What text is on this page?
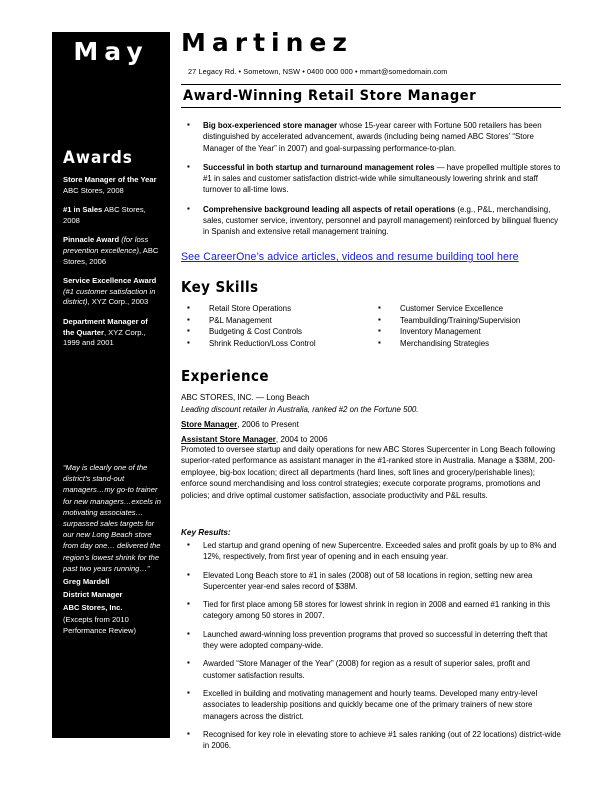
May
Awards
Store Manager of the Year ABC Stores, 2008
#1 in Sales ABC Stores, 2008
Pinnacle Award (for loss prevention excellence), ABC Stores, 2006
Service Excellence Award (#1 customer satisfaction in district), XYZ Corp., 2003
Department Manager of the Quarter, XYZ Corp., 1999 and 2001
“May is clearly one of the district’s stand-out managers…my go-to trainer for new managers…excels in motivating associates… surpassed sales targets for our new Long Beach store from day one… delivered the region’s lowest shrink for the past two years running…”
Greg Mardell
District Manager
ABC Stores, Inc.
(Excepts from 2010 Performance Review)
Martinez
27 Legacy Rd. • Sometown, NSW • 0400 000 000 • mmart@somedomain.com
Award-Winning Retail Store Manager
▪ Big box-experienced store manager whose 15-year career with Fortune 500 retailers has been distinguished by accelerated advancement, awards (including being named ABC Stores’ “Store Manager of the Year” in 2007) and goal-surpassing performance-to-plan.
▪ Successful in both startup and turnaround management roles — have propelled multiple stores to #1 in sales and customer satisfaction district-wide while simultaneously lowering shrink and staff turnover to all-time lows.
▪ Comprehensive background leading all aspects of retail operations (e.g., P&L, merchandising, sales, customer service, inventory, personnel and payroll management) reinforced by bilingual fluency in Spanish and extensive retail management training.
See CareerOne’s advice articles, videos and resume building tool here
Key Skills
▪ Retail Store Operations
▪ P&L Management
▪ Budgeting & Cost Controls
▪ Shrink Reduction/Loss Control
▪ Customer Service Excellence
▪ Teambuilding/Training/Supervision
▪ Inventory Management
▪ Merchandising Strategies
Experience
ABC STORES, INC. — Long Beach
Leading discount retailer in Australia, ranked #2 on the Fortune 500.
Store Manager, 2006 to Present
Assistant Store Manager, 2004 to 2006
Promoted to oversee startup and daily operations for new ABC Stores Supercenter in Long Beach following superior-rated performance as assistant manager in the #1-ranked store in Australia. Manage a $38M, 200-employee, big-box location; direct all departments (hard lines, soft lines and grocery/perishable lines); enforce sound merchandising and loss control strategies; execute corporate programs, promotions and policies; and drive optimal customer satisfaction, associate productivity and P&L results.
Key Results:
▪ Led startup and grand opening of new Supercentre. Exceeded sales and profit goals by up to 8% and 12%, respectively, from first year of opening and in each ensuing year.
▪ Elevated Long Beach store to #1 in sales (2008) out of 58 locations in region, setting new area Supercenter year-end sales record of $38M.
▪ Tied for first place among 58 stores for lowest shrink in region in 2008 and earned #1 ranking in this category among 50 stores in 2007.
▪ Launched award-winning loss prevention programs that proved so successful in deterring theft that they were adopted company-wide.
▪ Awarded “Store Manager of the Year” (2008) for region as a result of superior sales, profit and customer satisfaction results.
▪ Excelled in building and motivating management and hourly teams. Developed many entry-level associates to leadership positions and quickly became one of the primary trainers of new store managers across the district.
▪ Recognised for key role in elevating store to achieve #1 sales ranking (out of 22 locations) district-wide in 2006.
